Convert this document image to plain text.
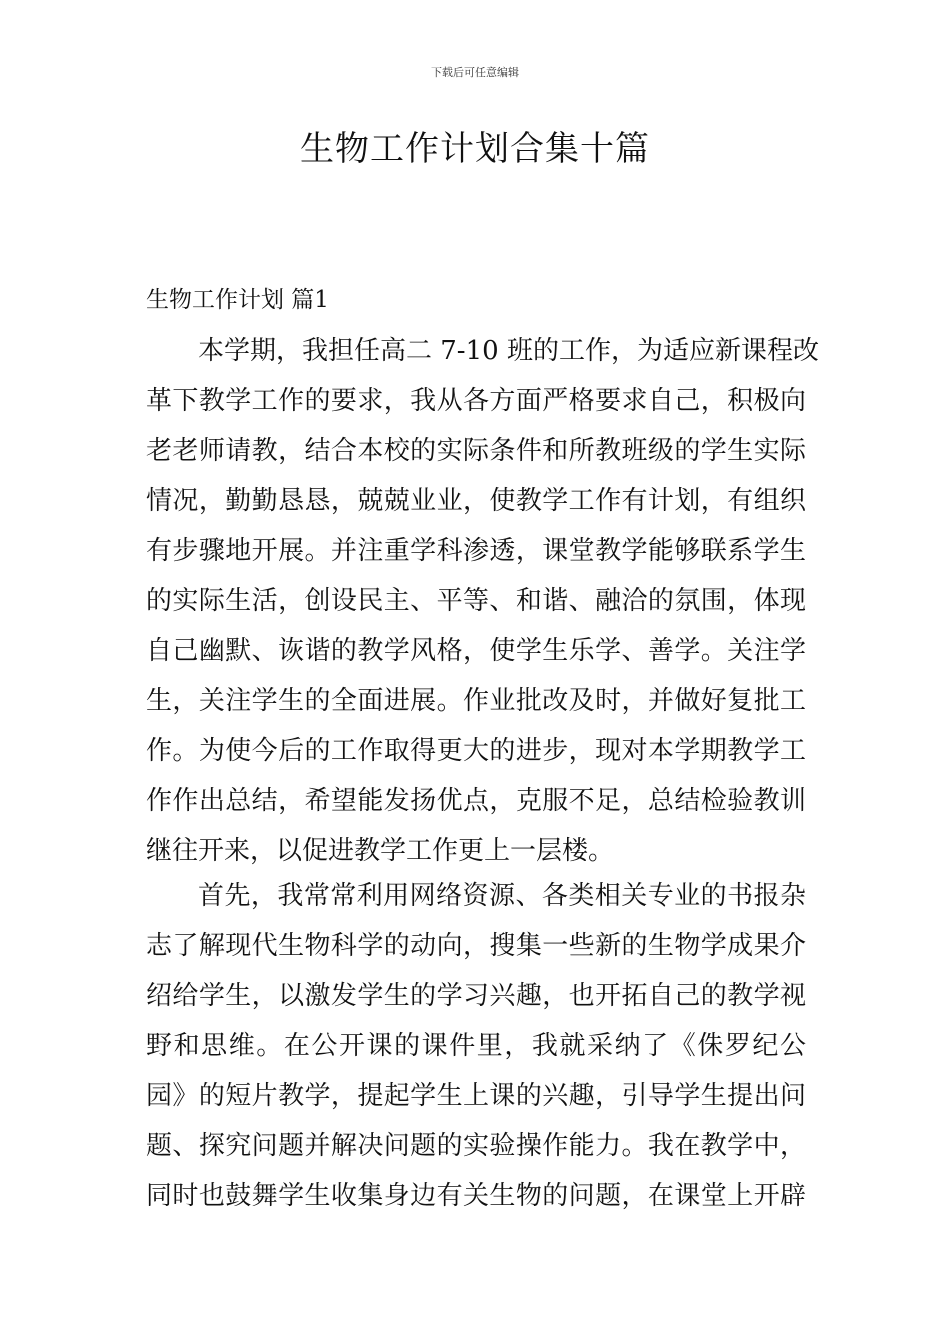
下载后可任意编辑
生物工作计划合集十篇
生物工作计划 篇1
本学期，我担任高二 7-10 班的工作，为适应新课程改
革下教学工作的要求，我从各方面严格要求自己，积极向
老老师请教，结合本校的实际条件和所教班级的学生实际
情况，勤勤恳恳，兢兢业业，使教学工作有计划，有组织
有步骤地开展。并注重学科渗透，课堂教学能够联系学生
的实际生活，创设民主、平等、和谐、融洽的氛围，体现
自己幽默、诙谐的教学风格，使学生乐学、善学。关注学
生，关注学生的全面进展。作业批改及时，并做好复批工
作。为使今后的工作取得更大的进步，现对本学期教学工
作作出总结，希望能发扬优点，克服不足，总结检验教训
继往开来，以促进教学工作更上一层楼。
首先，我常常利用网络资源、各类相关专业的书报杂
志了解现代生物科学的动向，搜集一些新的生物学成果介
绍给学生，以激发学生的学习兴趣，也开拓自己的教学视
野和思维。在公开课的课件里，我就采纳了《侏罗纪公
园》的短片教学，提起学生上课的兴趣，引导学生提出问
题、探究问题并解决问题的实验操作能力。我在教学中，
同时也鼓舞学生收集身边有关生物的问题，在课堂上开辟
